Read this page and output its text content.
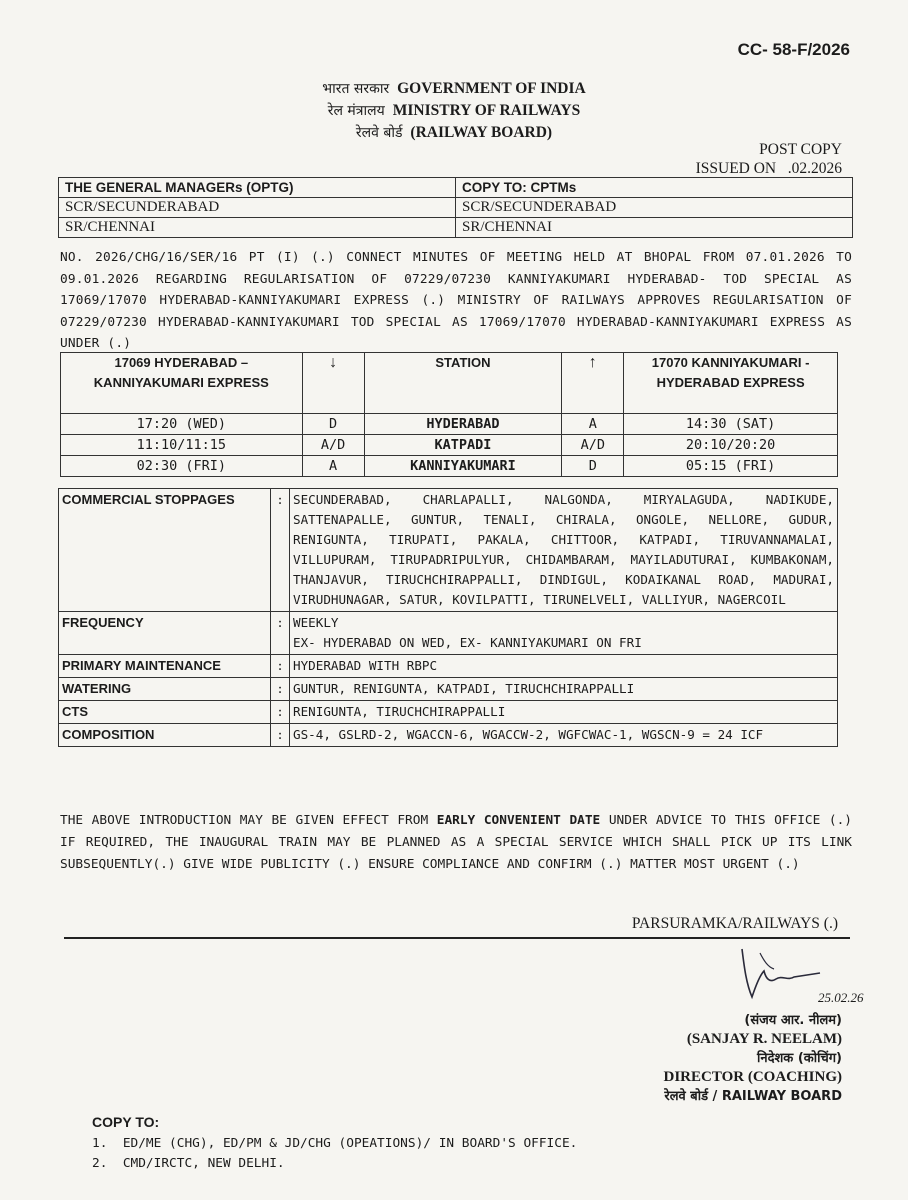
CC- 58-F/2026
भारत सरकार GOVERNMENT OF INDIA
रेल मंत्रालय MINISTRY OF RAILWAYS
रेलवे बोर्ड (RAILWAY BOARD)
POST COPY
ISSUED ON   .02.2026
THE GENERAL MANAGERs (OPTG)	COPY TO: CPTMs
SCR/SECUNDERABAD	SCR/SECUNDERABAD
SR/CHENNAI	SR/CHENNAI
NO. 2026/CHG/16/SER/16 PT (I) (.) CONNECT MINUTES OF MEETING HELD AT BHOPAL FROM 07.01.2026 TO 09.01.2026 REGARDING REGULARISATION OF 07229/07230 KANNIYAKUMARI HYDERABAD- TOD SPECIAL AS 17069/17070 HYDERABAD-KANNIYAKUMARI EXPRESS (.) MINISTRY OF RAILWAYS APPROVES REGULARISATION OF 07229/07230 HYDERABAD-KANNIYAKUMARI TOD SPECIAL AS 17069/17070 HYDERABAD-KANNIYAKUMARI EXPRESS AS UNDER (.)
17069 HYDERABAD – KANNIYAKUMARI EXPRESS	↓	STATION	↑	17070 KANNIYAKUMARI - HYDERABAD EXPRESS
17:20 (WED)	D	HYDERABAD	A	14:30 (SAT)
11:10/11:15	A/D	KATPADI	A/D	20:10/20:20
02:30 (FRI)	A	KANNIYAKUMARI	D	05:15 (FRI)
COMMERCIAL STOPPAGES	:	SECUNDERABAD, CHARLAPALLI, NALGONDA, MIRYALAGUDA, NADIKUDE, SATTENAPALLE, GUNTUR, TENALI, CHIRALA, ONGOLE, NELLORE, GUDUR, RENIGUNTA, TIRUPATI, PAKALA, CHITTOOR, KATPADI, TIRUVANNAMALAI, VILLUPURAM, TIRUPADRIPULYUR, CHIDAMBARAM, MAYILADUTURAI, KUMBAKONAM, THANJAVUR, TIRUCHCHIRAPPALLI, DINDIGUL, KODAIKANAL ROAD, MADURAI, VIRUDHUNAGAR, SATUR, KOVILPATTI, TIRUNELVELI, VALLIYUR, NAGERCOIL
FREQUENCY	:	WEEKLY
EX- HYDERABAD ON WED, EX- KANNIYAKUMARI ON FRI

PRIMARY MAINTENANCE	:	HYDERABAD WITH RBPC
WATERING	:	GUNTUR, RENIGUNTA, KATPADI, TIRUCHCHIRAPPALLI
CTS	:	RENIGUNTA, TIRUCHCHIRAPPALLI
COMPOSITION	:	GS-4, GSLRD-2, WGACCN-6, WGACCW-2, WGFCWAC-1, WGSCN-9 = 24 ICF
THE ABOVE INTRODUCTION MAY BE GIVEN EFFECT FROM EARLY CONVENIENT DATE UNDER ADVICE TO THIS OFFICE (.) IF REQUIRED, THE INAUGURAL TRAIN MAY BE PLANNED AS A SPECIAL SERVICE WHICH SHALL PICK UP ITS LINK SUBSEQUENTLY(.) GIVE WIDE PUBLICITY (.) ENSURE COMPLIANCE AND CONFIRM (.) MATTER MOST URGENT (.)
PARSURAMKA/RAILWAYS (.)
25.02.26
(संजय आर. नीलम)
(SANJAY R. NEELAM)
निदेशक (कोचिंग)
DIRECTOR (COACHING)
रेलवे बोर्ड / RAILWAY BOARD
COPY TO:
1.  ED/ME (CHG), ED/PM & JD/CHG (OPEATIONS)/ IN BOARD'S OFFICE.
2.  CMD/IRCTC, NEW DELHI.
